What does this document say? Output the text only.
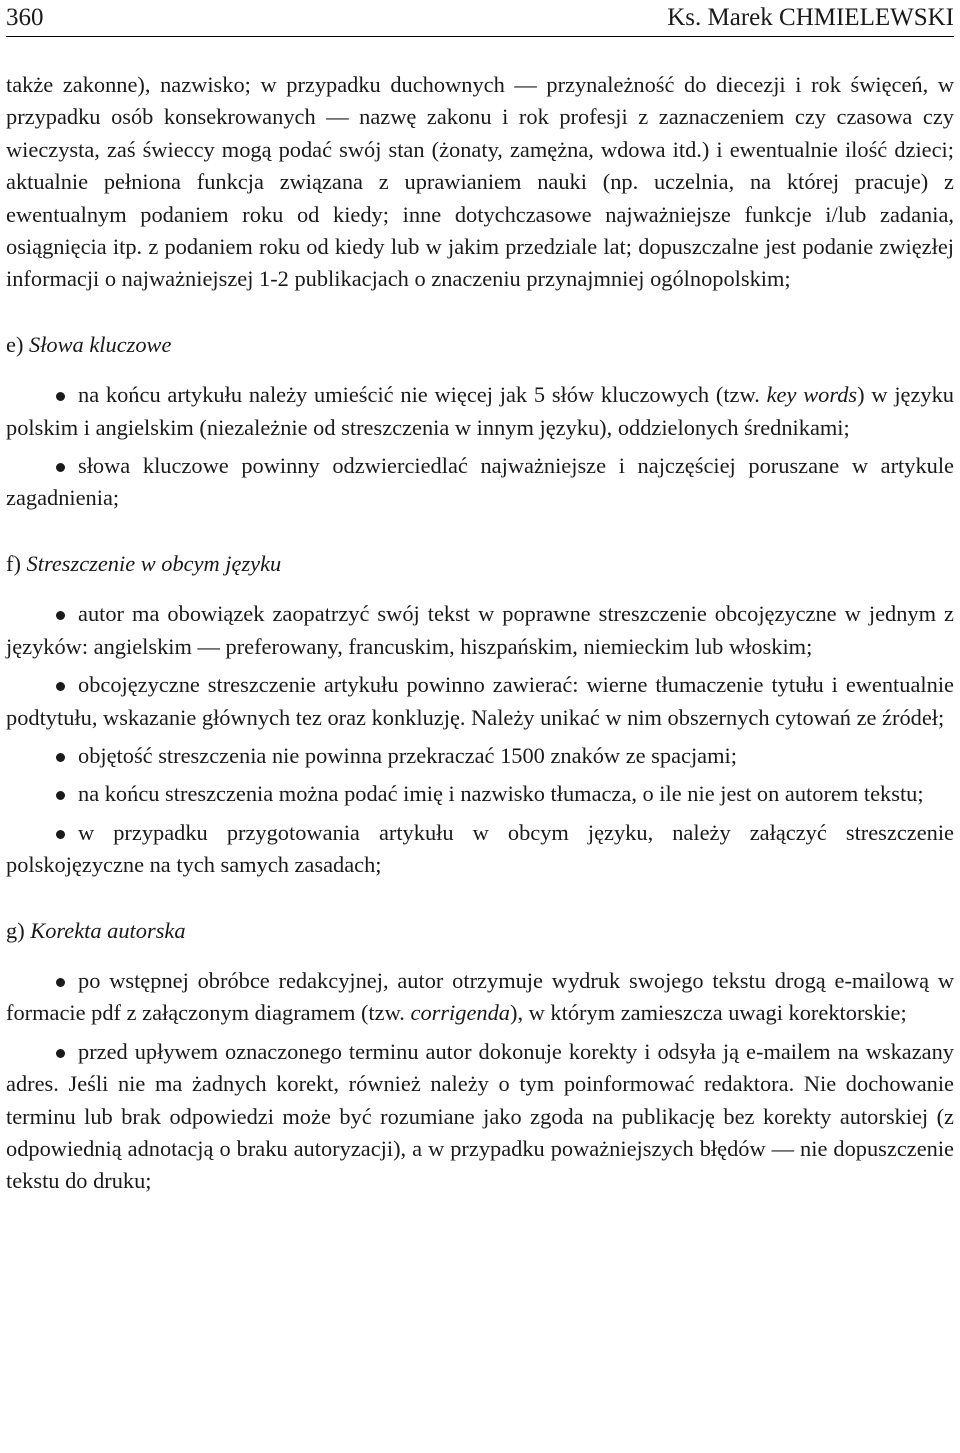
360	Ks. Marek CHMIELEWSKI

także zakonne), nazwisko; w przypadku duchownych — przynależność do diecezji i rok święceń, w przypadku osób konsekrowanych — nazwę zakonu i rok profesji z zaznaczeniem czy czasowa czy wieczysta, zaś świeccy mogą podać swój stan (żonaty, zamężna, wdowa itd.) i ewentualnie ilość dzieci; aktualnie pełniona funkcja związana z uprawianiem nauki (np. uczelnia, na której pracuje) z ewentualnym podaniem roku od kiedy; inne dotychczasowe najważniejsze funkcje i/lub zadania, osiągnięcia itp. z podaniem roku od kiedy lub w jakim przedziale lat; dopuszczalne jest podanie zwięzłej informacji o najważniejszej 1-2 publikacjach o znaczeniu przynajmniej ogólnopolskim;

e) Słowa kluczowe

na końcu artykułu należy umieścić nie więcej jak 5 słów kluczowych (tzw. key words) w języku polskim i angielskim (niezależnie od streszczenia w innym języku), oddzielonych średnikami;

słowa kluczowe powinny odzwierciedlać najważniejsze i najczęściej poruszane w artykule zagadnienia;

f) Streszczenie w obcym języku

autor ma obowiązek zaopatrzyć swój tekst w poprawne streszczenie obcojęzyczne w jednym z języków: angielskim — preferowany, francuskim, hiszpańskim, niemieckim lub włoskim;

obcojęzyczne streszczenie artykułu powinno zawierać: wierne tłumaczenie tytułu i ewentualnie podtytułu, wskazanie głównych tez oraz konkluzję. Należy unikać w nim obszernych cytowań ze źródeł;

objętość streszczenia nie powinna przekraczać 1500 znaków ze spacjami;

na końcu streszczenia można podać imię i nazwisko tłumacza, o ile nie jest on autorem tekstu;

w przypadku przygotowania artykułu w obcym języku, należy załączyć streszczenie polskojęzyczne na tych samych zasadach;

g) Korekta autorska

po wstępnej obróbce redakcyjnej, autor otrzymuje wydruk swojego tekstu drogą e-mailową w formacie pdf z załączonym diagramem (tzw. corrigenda), w którym zamieszcza uwagi korektorskie;

przed upływem oznaczonego terminu autor dokonuje korekty i odsyła ją e-mailem na wskazany adres. Jeśli nie ma żadnych korekt, również należy o tym poinformować redaktora. Nie dochowanie terminu lub brak odpowiedzi może być rozumiane jako zgoda na publikację bez korekty autorskiej (z odpowiednią adnotacją o braku autoryzacji), a w przypadku poważniejszych błędów — nie dopuszczenie tekstu do druku;
